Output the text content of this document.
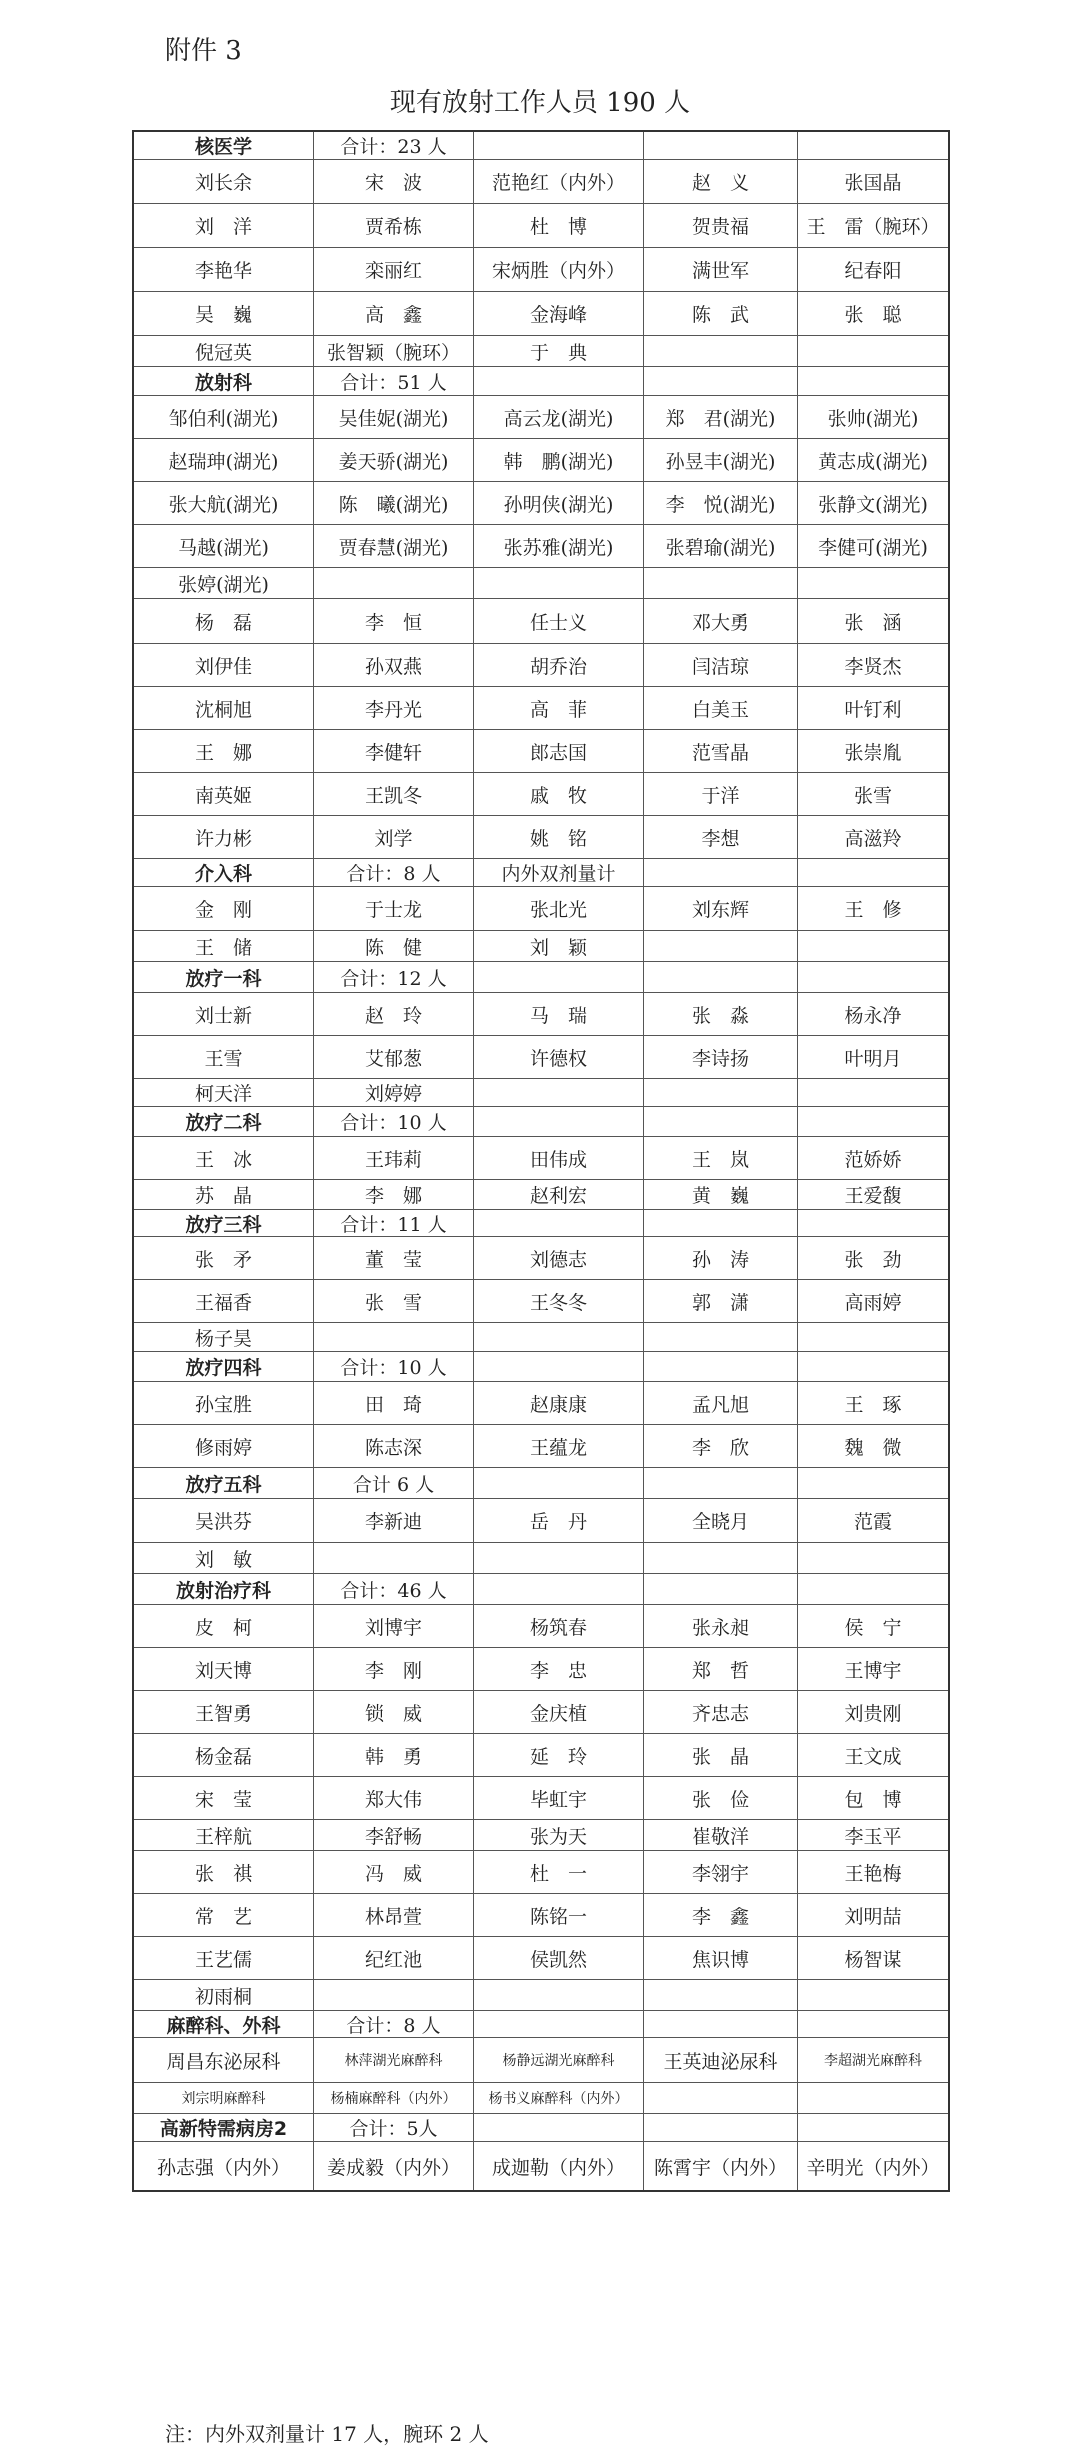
附件 3
现有放射工作人员 190 人
核医学	合计：23 人
刘长余	宋　波	范艳红（内外）	赵　义	张国晶
刘　洋	贾希栋	杜　博	贺贵福	王　雷（腕环）
李艳华	栾丽红	宋炳胜（内外）	满世军	纪春阳
吴　巍	高　鑫	金海峰	陈　武	张　聪
倪冠英	张智颖（腕环）	于　典
放射科	合计：51 人
邹伯利(湖光)	吴佳妮(湖光)	高云龙(湖光)	郑　君(湖光)	张帅(湖光)
赵瑞珅(湖光)	姜天骄(湖光)	韩　鹏(湖光)	孙昱丰(湖光)	黄志成(湖光)
张大航(湖光)	陈　曦(湖光)	孙明侠(湖光)	李　悦(湖光)	张静文(湖光)
马越(湖光)	贾春慧(湖光)	张苏雅(湖光)	张碧瑜(湖光)	李健可(湖光)
张婷(湖光)
杨　磊	李　恒	任士义	邓大勇	张　涵
刘伊佳	孙双燕	胡乔治	闫洁琼	李贤杰
沈桐旭	李丹光	高　菲	白美玉	叶钉利
王　娜	李健轩	郎志国	范雪晶	张崇胤
南英姬	王凯冬	戚　牧	于洋	张雪
许力彬	刘学	姚　铭	李想	高滋羚
介入科	合计：8 人	内外双剂量计
金　刚	于士龙	张北光	刘东辉	王　修
王　储	陈　健	刘　颖
放疗一科	合计：12 人
刘士新	赵　玲	马　瑞	张　淼	杨永净
王雪	艾郁葱	许德权	李诗扬	叶明月
柯天洋	刘婷婷
放疗二科	合计：10 人
王　冰	王玮莉	田伟成	王　岚	范娇娇
苏　晶	李　娜	赵利宏	黄　巍	王爱馥
放疗三科	合计：11 人
张　矛	董　莹	刘德志	孙　涛	张　劲
王福香	张　雪	王冬冬	郭　潇	高雨婷
杨子昊
放疗四科	合计：10 人
孙宝胜	田　琦	赵康康	孟凡旭	王　琢
修雨婷	陈志深	王蕴龙	李　欣	魏　微
放疗五科	合计 6 人
吴洪芬	李新迪	岳　丹	全晓月	范霞
刘　敏
放射治疗科	合计：46 人
皮　柯	刘博宇	杨筑春	张永昶	侯　宁
刘天博	李　刚	李　忠	郑　哲	王博宇
王智勇	锁　威	金庆植	齐忠志	刘贵刚
杨金磊	韩　勇	延　玲	张　晶	王文成
宋　莹	郑大伟	毕虹宇	张　俭	包　博
王梓航	李舒畅	张为天	崔敬洋	李玉平
张　祺	冯　威	杜　一	李翎宇	王艳梅
常　艺	林昂萱	陈铭一	李　鑫	刘明喆
王艺儒	纪红池	侯凯然	焦识博	杨智谋
初雨桐
麻醉科、外科	合计：8 人
周昌东泌尿科	林萍湖光麻醉科	杨静远湖光麻醉科	王英迪泌尿科	李超湖光麻醉科
刘宗明麻醉科	杨楠麻醉科（内外）	杨书义麻醉科（内外）
高新特需病房2	合计：5人
孙志强（内外）	姜成毅（内外）	成迦勒（内外）	陈霄宇（内外）	辛明光（内外）
注：内外双剂量计 17 人，腕环 2 人
